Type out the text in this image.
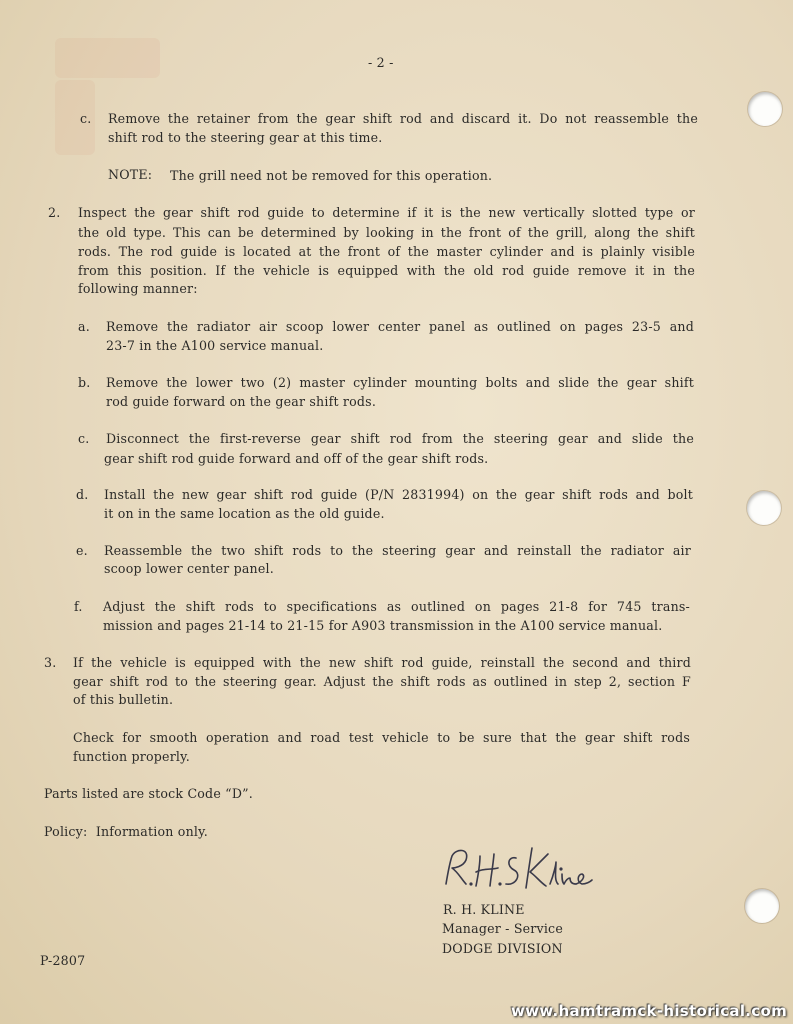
- 2 -
c. Remove the retainer from the gear shift rod and discard it. Do not reassemble the
shift rod to the steering gear at this time.
NOTE: The grill need not be removed for this operation.
2. Inspect the gear shift rod guide to determine if it is the new vertically slotted type or
the old type. This can be determined by looking in the front of the grill, along the shift
rods. The rod guide is located at the front of the master cylinder and is plainly visible
from this position. If the vehicle is equipped with the old rod guide remove it in the
following manner:
a. Remove the radiator air scoop lower center panel as outlined on pages 23-5 and
23-7 in the A100 service manual.
b. Remove the lower two (2) master cylinder mounting bolts and slide the gear shift
rod guide forward on the gear shift rods.
c. Disconnect the first-reverse gear shift rod from the steering gear and slide the
gear shift rod guide forward and off of the gear shift rods.
d. Install the new gear shift rod guide (P/N 2831994) on the gear shift rods and bolt
it on in the same location as the old guide.
e. Reassemble the two shift rods to the steering gear and reinstall the radiator air
scoop lower center panel.
f. Adjust the shift rods to specifications as outlined on pages 21-8 for 745 trans-
mission and pages 21-14 to 21-15 for A903 transmission in the A100 service manual.
3. If the vehicle is equipped with the new shift rod guide, reinstall the second and third
gear shift rod to the steering gear. Adjust the shift rods as outlined in step 2, section F
of this bulletin.
Check for smooth operation and road test vehicle to be sure that the gear shift rods
function properly.
Parts listed are stock Code “D”.
Policy:  Information only.
R. H. KLINE
Manager - Service
DODGE DIVISION
P-2807
www.hamtramck-historical.com
